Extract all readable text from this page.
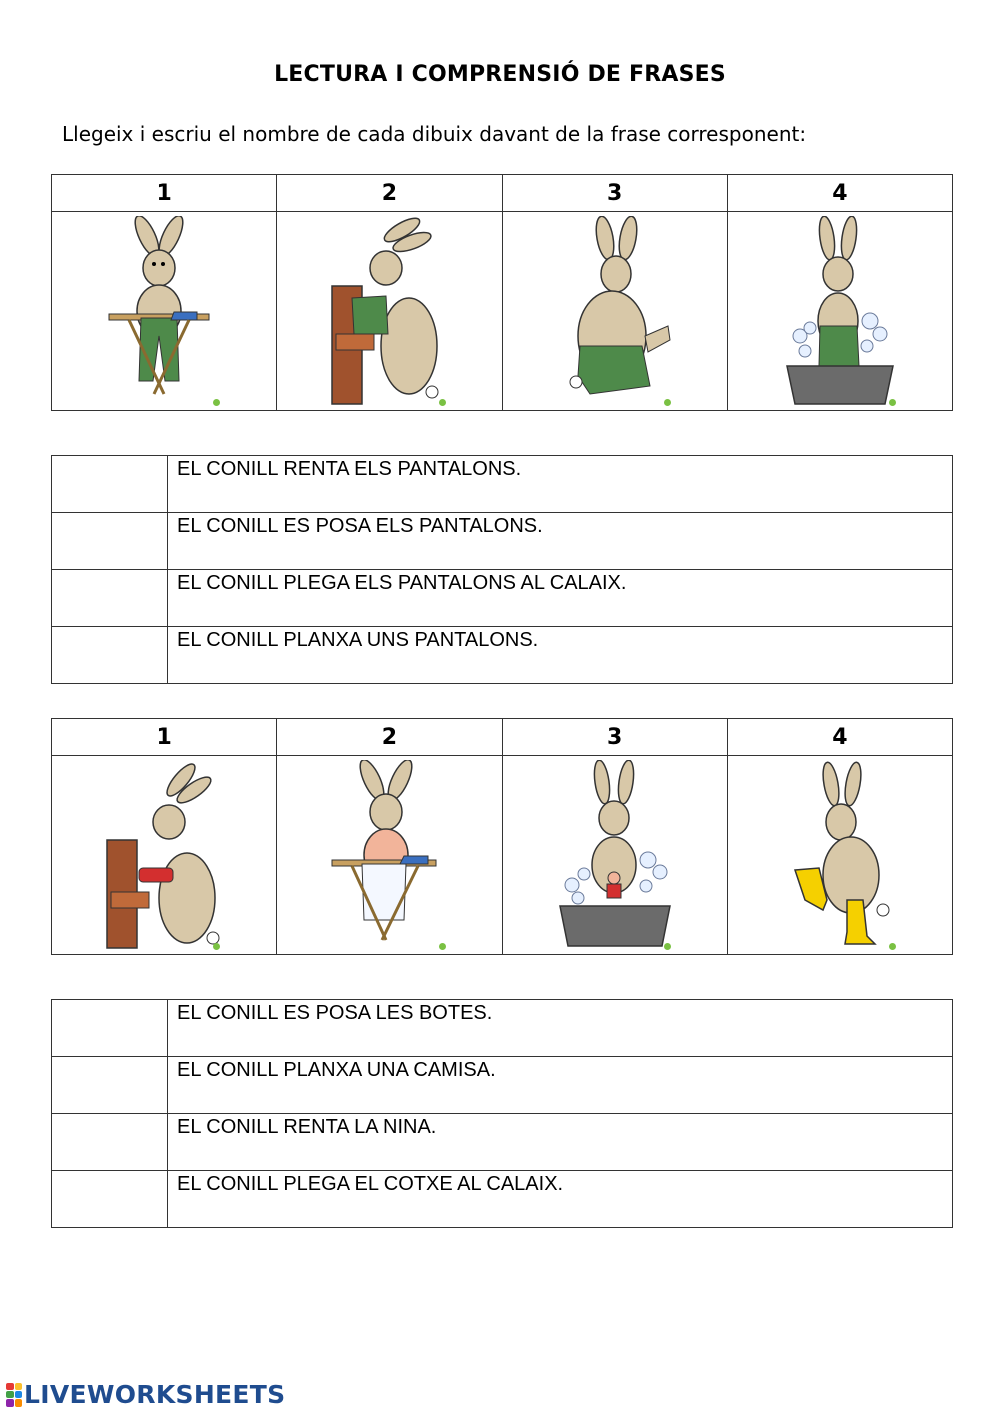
LECTURA I COMPRENSIÓ DE FRASES
Llegeix i escriu el nombre de cada dibuix davant de la frase corresponent:
1	2	3	4

	EL CONILL RENTA ELS PANTALONS.
	EL CONILL ES POSA ELS PANTALONS.
	EL CONILL PLEGA ELS PANTALONS AL CALAIX.
	EL CONILL PLANXA UNS PANTALONS.
1	2	3	4

	EL CONILL ES POSA LES BOTES.
	EL CONILL PLANXA UNA CAMISA.
	EL CONILL RENTA LA NINA.
	EL CONILL PLEGA EL COTXE AL CALAIX.
LIVEWORKSHEETS
